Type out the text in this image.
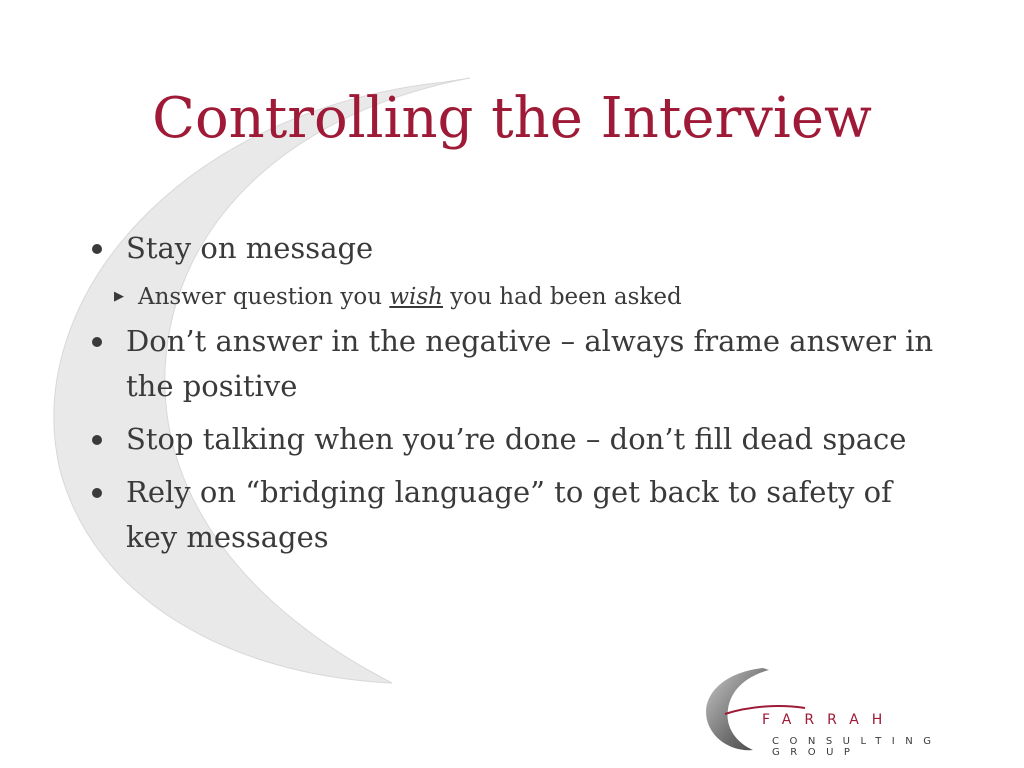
Controlling the Interview
Stay on message
▶ Answer question you wish you had been asked
Don’t answer in the negative – always frame answer in the positive
Stop talking when you’re done – don’t fill dead space
Rely on “bridging language” to get back to safety of key messages
FARRAH
CONSULTING GROUP
